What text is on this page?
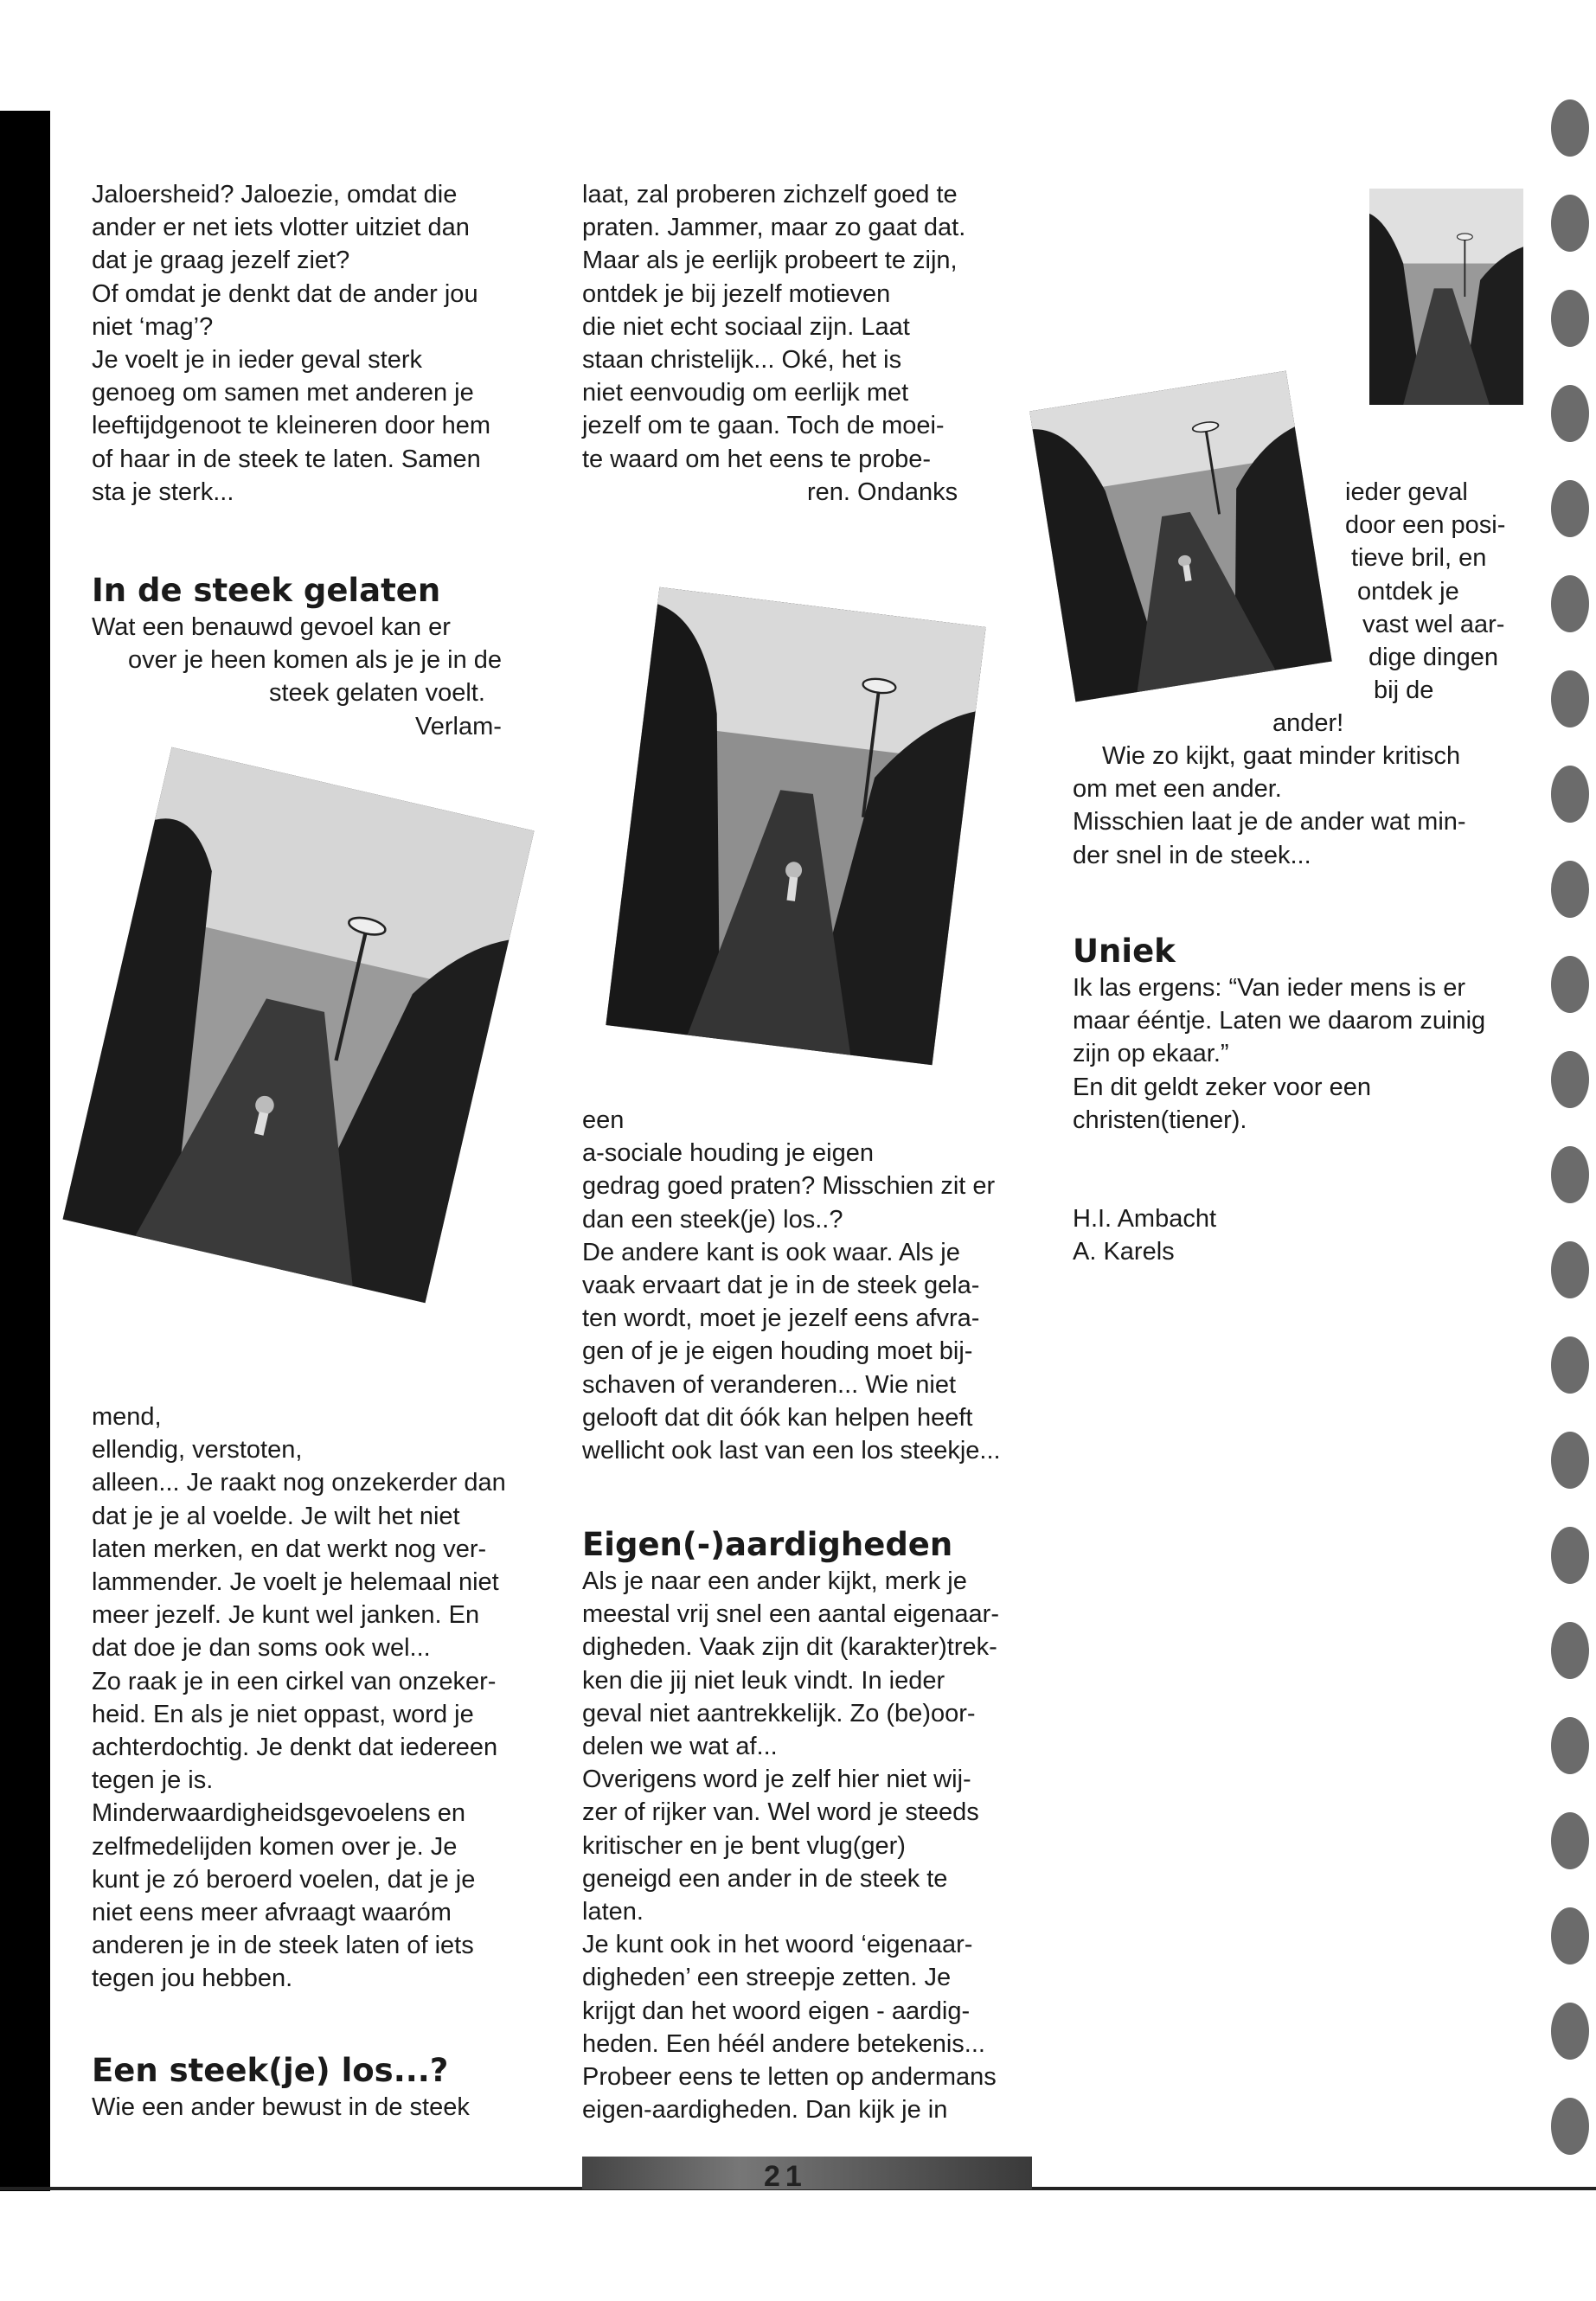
Jaloersheid? Jaloezie, omdat die

ander er net iets vlotter uitziet dan

dat je graag jezelf ziet?

Of omdat je denkt dat de ander jou

niet ‘mag’?

Je voelt je in ieder geval sterk

genoeg om samen met anderen je

leeftijdgenoot te kleineren door hem

of haar in de steek te laten. Samen

sta je sterk...

In de steek gelaten

Wat een benauwd gevoel kan er

over je heen komen als je je in de

steek gelaten voelt.

Verlam-

mend,

ellendig, verstoten,

alleen... Je raakt nog onzekerder dan

dat je je al voelde. Je wilt het niet

laten merken, en dat werkt nog ver-

lammender. Je voelt je helemaal niet

meer jezelf. Je kunt wel janken. En

dat doe je dan soms ook wel...

Zo raak je in een cirkel van onzeker-

heid. En als je niet oppast, word je

achterdochtig. Je denkt dat iedereen

tegen je is.

Minderwaardigheidsgevoelens en

zelfmedelijden komen over je. Je

kunt je zó beroerd voelen, dat je je

niet eens meer afvraagt waaróm

anderen je in de steek laten of iets

tegen jou hebben.

Een steek(je) los...?

Wie een ander bewust in de steek

laat, zal proberen zichzelf goed te

praten. Jammer, maar zo gaat dat.

Maar als je eerlijk probeert te zijn,

ontdek je bij jezelf motieven

die niet echt sociaal zijn. Laat

staan christelijk... Oké, het is

niet eenvoudig om eerlijk met

jezelf om te gaan. Toch de moei-

te waard om het eens te probe-

ren. Ondanks

een

a-sociale houding je eigen

gedrag goed praten? Misschien zit er

dan een steek(je) los..?

De andere kant is ook waar. Als je

vaak ervaart dat je in de steek gela-

ten wordt, moet je jezelf eens afvra-

gen of je je eigen houding moet bij-

schaven of veranderen... Wie niet

gelooft dat dit óók kan helpen heeft

wellicht ook last van een los steekje...

Eigen(-)aardigheden

Als je naar een ander kijkt, merk je

meestal vrij snel een aantal eigenaar-

digheden. Vaak zijn dit (karakter)trek-

ken die jij niet leuk vindt. In ieder

geval niet aantrekkelijk. Zo (be)oor-

delen we wat af...

Overigens word je zelf hier niet wij-

zer of rijker van. Wel word je steeds

kritischer en je bent vlug(ger)

geneigd een ander in de steek te

laten.

Je kunt ook in het woord ‘eigenaar-

digheden’ een streepje zetten. Je

krijgt dan het woord eigen - aardig-

heden. Een héél andere betekenis...

Probeer eens te letten op andermans

eigen-aardigheden. Dan kijk je in

21

ieder geval

door een posi-

tieve bril, en

ontdek je

vast wel aar-

dige dingen

bij de

ander!

Wie zo kijkt, gaat minder kritisch

om met een ander.

Misschien laat je de ander wat min-

der snel in de steek...

Uniek

Ik las ergens: “Van ieder mens is er

maar ééntje. Laten we daarom zuinig

zijn op ekaar.”

En dit geldt zeker voor een

christen(tiener).

H.I. Ambacht

A. Karels
